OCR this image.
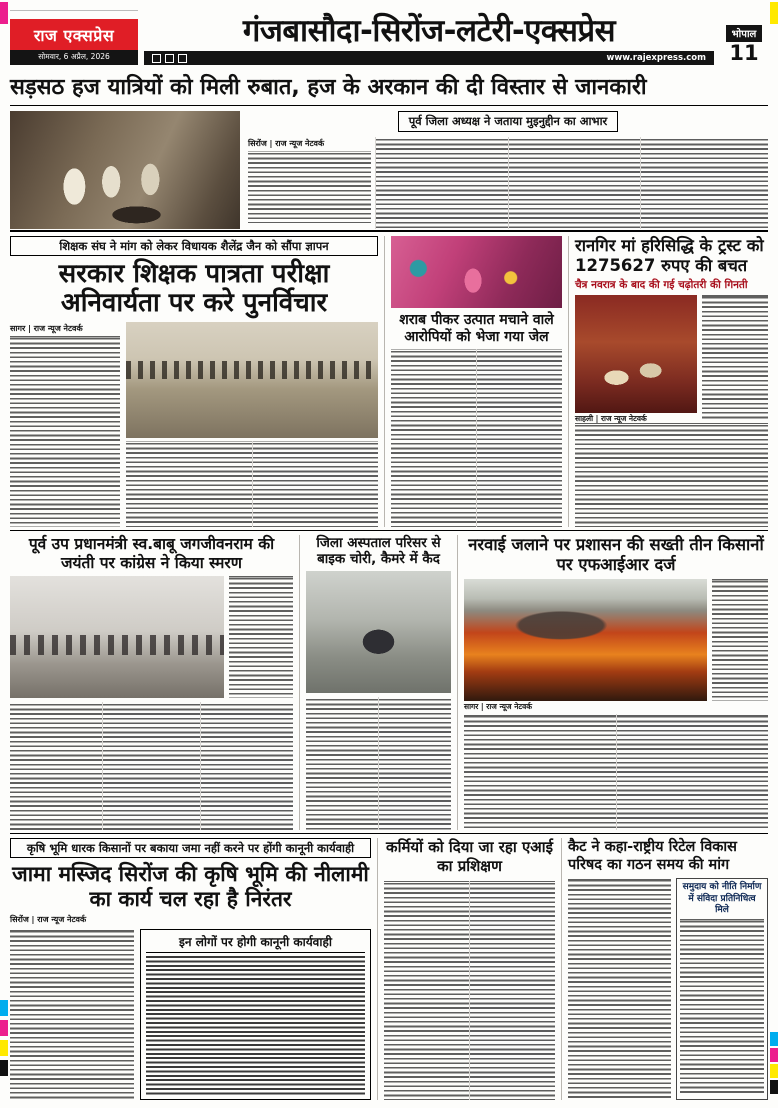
राज एक्सप्रेस
सोमवार, 6 अप्रैल, 2026
गंजबासौदा-सिरोंज-लटेरी-एक्सप्रेस
www.rajexpress.com
भोपाल
11
सड़सठ हज यात्रियों को मिली रुबात, हज के अरकान की दी विस्तार से जानकारी
पूर्व जिला अध्यक्ष ने जताया मुइनुद्दीन का आभार
सिरोंज | राज न्यूज नेटवर्क
शिक्षक संघ ने मांग को लेकर विधायक शैलेंद्र जैन को सौंपा ज्ञापन
सरकार शिक्षक पात्रता परीक्षा अनिवार्यता पर करे पुनर्विचार
सागर | राज न्यूज नेटवर्क
शराब पीकर उत्पात मचाने वाले आरोपियों को भेजा गया जेल
रानगिर मां हरिसिद्धि के ट्रस्ट को 1275627 रुपए की बचत
चैत्र नवरात्र के बाद की गई चढ़ोतरी की गिनती
साहली | राज न्यूज नेटवर्क
पूर्व उप प्रधानमंत्री स्व.बाबू जगजीवनराम की जयंती पर कांग्रेस ने किया स्मरण
जिला अस्पताल परिसर से बाइक चोरी, कैमरे में कैद
नरवाई जलाने पर प्रशासन की सख्ती तीन किसानों पर एफआईआर दर्ज
सागर | राज न्यूज नेटवर्क
कृषि भूमि धारक किसानों पर बकाया जमा नहीं करने पर होंगी कानूनी कार्यवाही
जामा मस्जिद सिरोंज की कृषि भूमि की नीलामी का कार्य चल रहा है निरंतर
सिरोंज | राज न्यूज नेटवर्क
इन लोगों पर होगी कानूनी कार्यवाही
कर्मियों को दिया जा रहा एआई का प्रशिक्षण
कैट ने कहा-राष्ट्रीय रिटेल विकास परिषद का गठन समय की मांग
समुदाय को नीति निर्माण में संविदा प्रतिनिधित्व मिले
